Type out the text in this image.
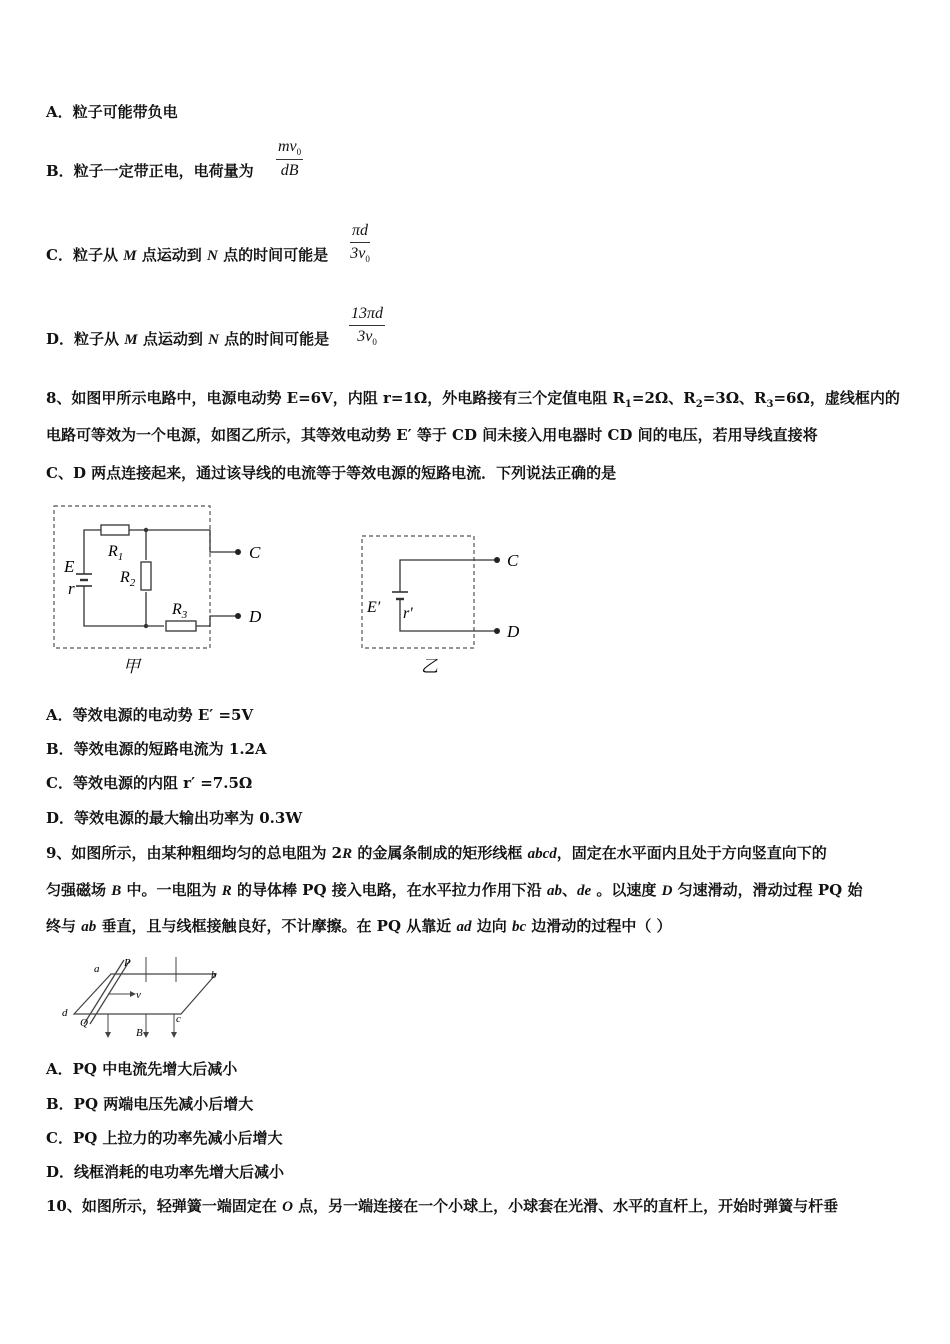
A．粒子可能带负电
B．粒子一定带正电，电荷量为 $\frac{mv_0}{dB}$
C．粒子从 M 点运动到 N 点的时间可能是 $\frac{\pi d}{3v_0}$
D．粒子从 M 点运动到 N 点的时间可能是 $\frac{13\pi d}{3v_0}$
8、如图甲所示电路中，电源电动势 E=6V，内阻 r=1Ω，外电路接有三个定值电阻 $R_1=2\Omega$、$R_2=3\Omega$、$R_3=6\Omega$，虚线框内的
电路可等效为一个电源，如图乙所示，其等效电动势 E′ 等于 CD 间未接入用电器时 CD 间的电压，若用导线直接将
C、D 两点连接起来，通过该导线的电流等于等效电源的短路电流．下列说法正确的是
E
r
$R_1$
$R_2$
$R_3$
C
D
甲
E′ r′
C
D
乙
A．等效电源的电动势 E′ =5V
B．等效电源的短路电流为 1.2A
C．等效电源的内阻 r′ =7.5Ω
D．等效电源的最大输出功率为 0.3W
9、如图所示，由某种粗细均匀的总电阻为 2R 的金属条制成的矩形线框 abcd，固定在水平面内且处于方向竖直向下的
匀强磁场 B 中。一电阻为 R 的导体棒 PQ 接入电路，在水平拉力作用下沿 ab、de 。以速度 D 匀速滑动，滑动过程 PQ 始
终与 ab 垂直，且与线框接触良好，不计摩擦。在 PQ 从靠近 ad 边向 bc 边滑动的过程中（ ）
a	b
c
d
P
Q
v
B
A．PQ 中电流先增大后减小
B．PQ 两端电压先减小后增大
C．PQ 上拉力的功率先减小后增大
D．线框消耗的电功率先增大后减小
10、如图所示，轻弹簧一端固定在 O 点，另一端连接在一个小球上，小球套在光滑、水平的直杆上，开始时弹簧与杆垂
